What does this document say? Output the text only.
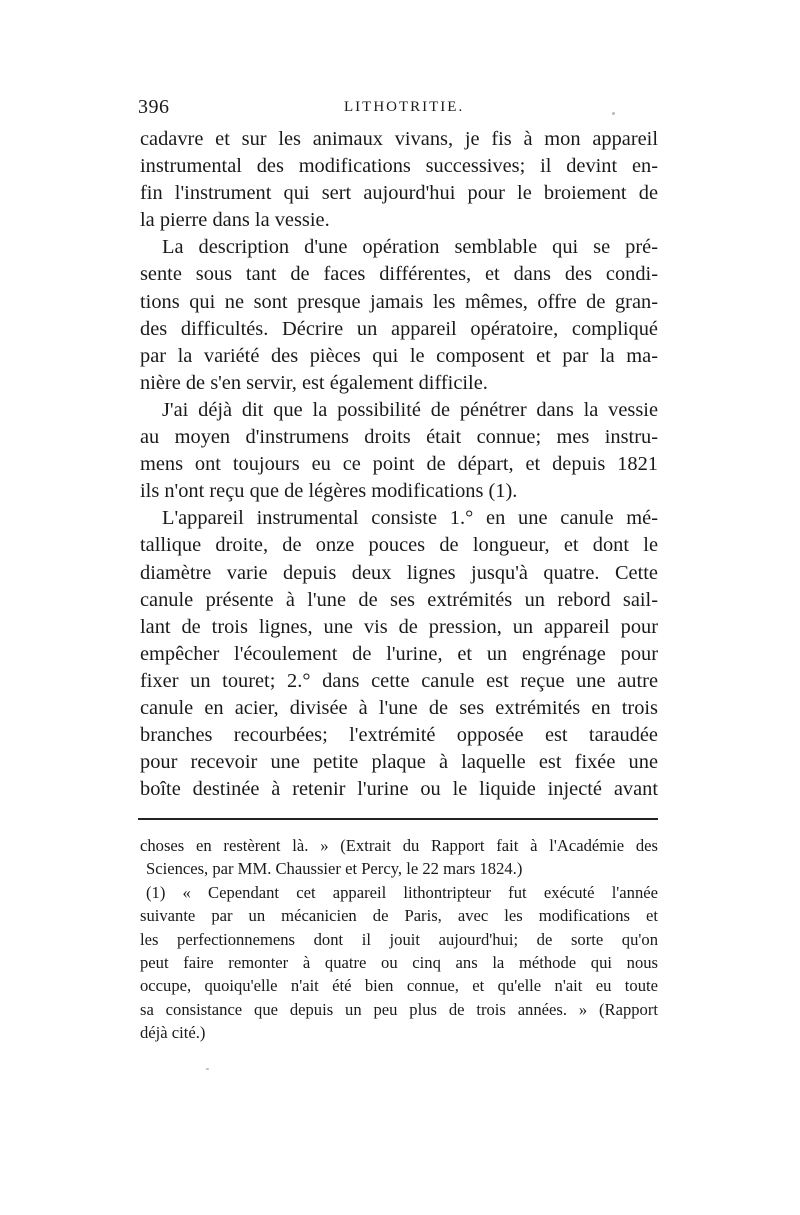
396	LITHOTRITIE.
cadavre et sur les animaux vivans, je fis à mon appareil
instrumental des modifications successives; il devint en-
fin l'instrument qui sert aujourd'hui pour le broiement de
la pierre dans la vessie.
La description d'une opération semblable qui se pré-
sente sous tant de faces différentes, et dans des condi-
tions qui ne sont presque jamais les mêmes, offre de gran-
des difficultés. Décrire un appareil opératoire, compliqué
par la variété des pièces qui le composent et par la ma-
nière de s'en servir, est également difficile.
J'ai déjà dit que la possibilité de pénétrer dans la vessie
au moyen d'instrumens droits était connue; mes instru-
mens ont toujours eu ce point de départ, et depuis 1821
ils n'ont reçu que de légères modifications (1).
L'appareil instrumental consiste 1.° en une canule mé-
tallique droite, de onze pouces de longueur, et dont le
diamètre varie depuis deux lignes jusqu'à quatre. Cette
canule présente à l'une de ses extrémités un rebord sail-
lant de trois lignes, une vis de pression, un appareil pour
empêcher l'écoulement de l'urine, et un engrénage pour
fixer un touret; 2.° dans cette canule est reçue une autre
canule en acier, divisée à l'une de ses extrémités en trois
branches recourbées; l'extrémité opposée est taraudée
pour recevoir une petite plaque à laquelle est fixée une
boîte destinée à retenir l'urine ou le liquide injecté avant
choses en restèrent là. » (Extrait du Rapport fait à l'Académie des
Sciences, par MM. Chaussier et Percy, le 22 mars 1824.)
(1) « Cependant cet appareil lithontripteur fut exécuté l'année
suivante par un mécanicien de Paris, avec les modifications et
les perfectionnemens dont il jouit aujourd'hui; de sorte qu'on
peut faire remonter à quatre ou cinq ans la méthode qui nous
occupe, quoiqu'elle n'ait été bien connue, et qu'elle n'ait eu toute
sa consistance que depuis un peu plus de trois années. » (Rapport
déjà cité.)
